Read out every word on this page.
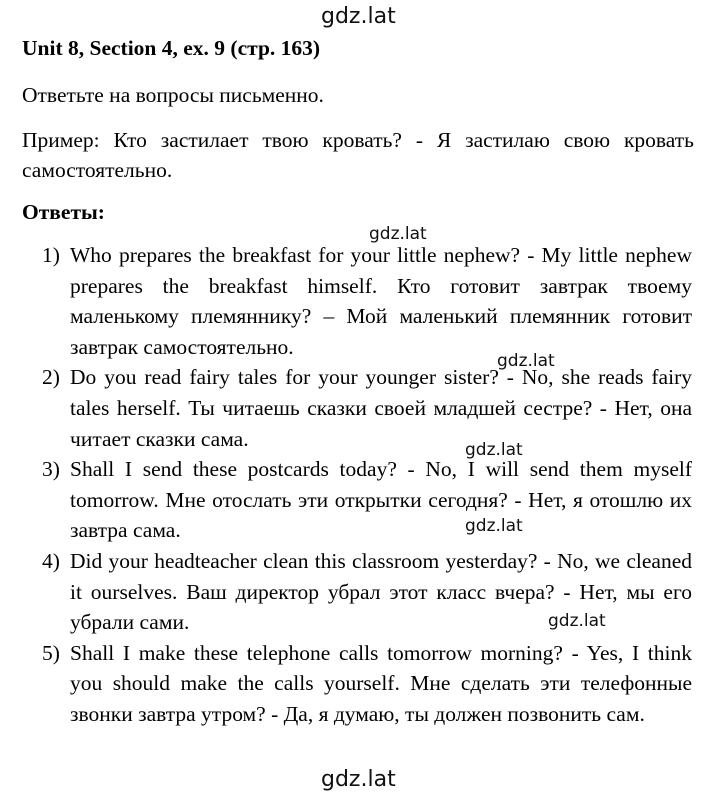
gdz.lat
Unit 8, Section 4, ex. 9 (стр. 163)
Ответьте на вопросы письменно.
Пример: Кто застилает твою кровать? - Я застилаю свою кровать самостоятельно.
Ответы:
1) Who prepares the breakfast for your little nephew? - My little nephew prepares the breakfast himself. Кто готовит завтрак твоему маленькому племяннику? – Мой маленький племянник готовит завтрак самостоятельно.
2) Do you read fairy tales for your younger sister? - No, she reads fairy tales herself. Ты читаешь сказки своей младшей сестре? - Нет, она читает сказки сама.
3) Shall I send these postcards today? - No, I will send them myself tomorrow. Мне отослать эти открытки сегодня? - Нет, я отошлю их завтра сама.
4) Did your headteacher clean this classroom yesterday? - No, we cleaned it ourselves. Ваш директор убрал этот класс вчера? - Нет, мы его убрали сами.
5) Shall I make these telephone calls tomorrow morning? - Yes, I think you should make the calls yourself. Мне сделать эти телефонные звонки завтра утром? - Да, я думаю, ты должен позвонить сам.
gdz.lat
gdz.lat
gdz.lat
gdz.lat
gdz.lat
gdz.lat
